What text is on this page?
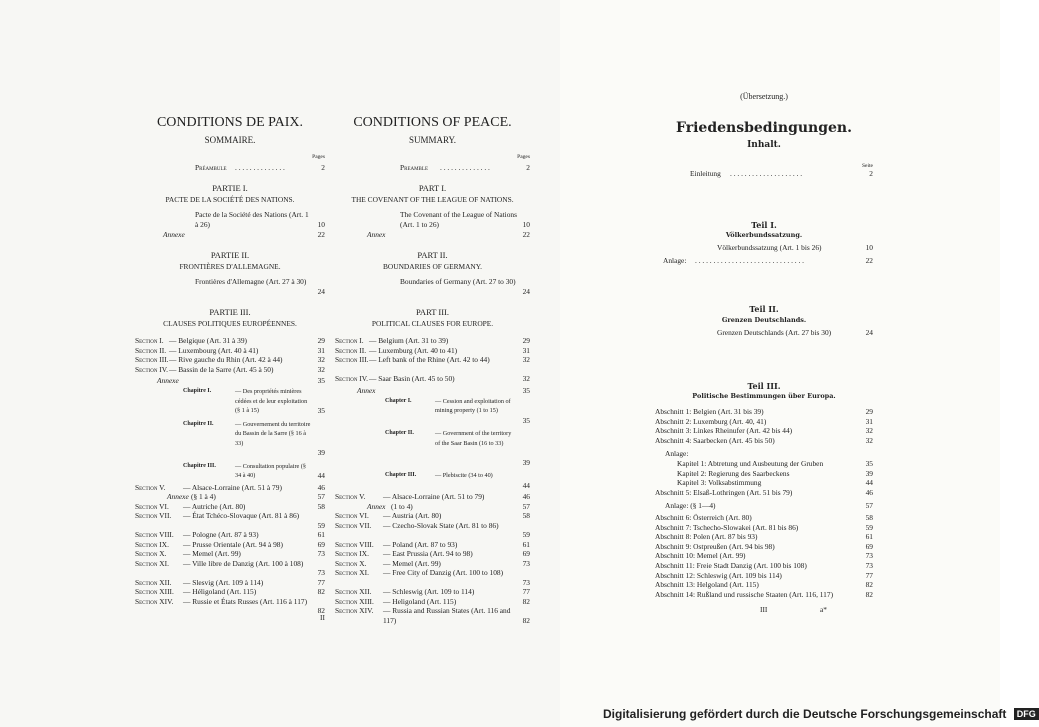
CONDITIONS DE PAIX.
SOMMAIRE.
Pages
Préambule . . . . . . . . . . . . . .	2
PARTIE I.
PACTE DE LA SOCIÉTÉ DES NATIONS.
Pacte de la Société des Nations (Art. 1 à 26)	10
Annexe	22
PARTIE II.
FRONTIÈRES D'ALLEMAGNE.
Frontières d'Allemagne (Art. 27 à 30)
24
PARTIE III.
CLAUSES POLITIQUES EUROPÉENNES.
Section I. — Belgique (Art. 31 à 39)	29
Section II. — Luxembourg (Art. 40 à 41)	31
Section III. — Rive gauche du Rhin (Art. 42 à 44)	32
Section IV. — Bassin de la Sarre (Art. 45 à 50)	32
Annexe	35
Chapitre I.	— Des propriétés minières cédées et de leur exploitation (§ 1 à 15)	35
Chapitre II.	— Gouvernement du territoire du Bassin de la Sarre (§ 16 à 33)
39
Chapitre III.	— Consultation populaire (§ 34 à 40)	44
Section V. — Alsace-Lorraine (Art. 51 à 79)	46
Annexe (§ 1 à 4)	57
Section VI. — Autriche (Art. 80)	58
Section VII. — État Tchéco-Slovaque (Art. 81 à 86)
59
Section VIII. — Pologne (Art. 87 à 93)	61
Section IX. — Prusse Orientale (Art. 94 à 98)	69
Section X. — Memel (Art. 99)	73
Section XI. — Ville libre de Danzig (Art. 100 à 108)
73
Section XII. — Slesvig (Art. 109 à 114)	77
Section XIII. — Héligoland (Art. 115)	82
Section XIV. — Russie et États Russes (Art. 116 à 117)
82
CONDITIONS OF PEACE.
SUMMARY.
Pages
Preamble . . . . . . . . . . . . . .	2
PART I.
THE COVENANT OF THE LEAGUE OF NATIONS.
The Covenant of the League of Nations (Art. 1 to 26)	10
Annex	22
PART II.
BOUNDARIES OF GERMANY.
Boundaries of Germany (Art. 27 to 30)
24
PART III.
POLITICAL CLAUSES FOR EUROPE.
Section I. — Belgium (Art. 31 to 39)	29
Section II. — Luxemburg (Art. 40 to 41)	31
Section III. — Left bank of the Rhine (Art. 42 to 44)	32
Section IV. — Saar Basin (Art. 45 to 50)	32
Annex	35
Chapter I.	— Cession and exploitation of mining property (1 to 15)
35
Chapter II.	— Government of the territory of the Saar Basin (16 to 33)
39
Chapter III.	— Plebiscite (34 to 40)
44
Section V. — Alsace-Lorraine (Art. 51 to 79)	46
Annex (1 to 4)	57
Section VI. — Austria (Art. 80)	58
Section VII. — Czecho-Slovak State (Art. 81 to 86)
59
Section VIII. — Poland (Art. 87 to 93)	61
Section IX. — East Prussia (Art. 94 to 98)	69
Section X. — Memel (Art. 99)	73
Section XI. — Free City of Danzig (Art. 100 to 108)
73
Section XII. — Schleswig (Art. 109 to 114)	77
Section XIII. — Heligoland (Art. 115)	82
Section XIV. — Russia and Russian States (Art. 116 and 117)	82
II
(Übersetzung.)
Friedensbedingungen.
Inhalt.
Seite
Einleitung . . . . . . . . . . . . . . . . . . . .	2
Teil I.
Völkerbundssatzung.
Völkerbundssatzung (Art. 1 bis 26)	10
Anlage: . . . . . . . . . . . . . . . . . . . . . . . . . . . . . .	22
Teil II.
Grenzen Deutschlands.
Grenzen Deutschlands (Art. 27 bis 30)	24
Teil III.
Politische Bestimmungen über Europa.
Abschnitt 1: Belgien (Art. 31 bis 39)	29
Abschnitt 2: Luxemburg (Art. 40, 41)	31
Abschnitt 3: Linkes Rheinufer (Art. 42 bis 44)	32
Abschnitt 4: Saarbecken (Art. 45 bis 50)	32
Anlage:
Kapitel 1: Abtretung und Ausbeutung der Gruben	35
Kapitel 2: Regierung des Saarbeckens	39
Kapitel 3: Volksabstimmung	44
Abschnitt 5: Elsaß-Lothringen (Art. 51 bis 79)	46
Anlage: (§ 1—4)	57
Abschnitt 6: Österreich (Art. 80)	58
Abschnitt 7: Tschecho-Slowakei (Art. 81 bis 86)	59
Abschnitt 8: Polen (Art. 87 bis 93)	61
Abschnitt 9: Ostpreußen (Art. 94 bis 98)	69
Abschnitt 10: Memel (Art. 99)	73
Abschnitt 11: Freie Stadt Danzig (Art. 100 bis 108)	73
Abschnitt 12: Schleswig (Art. 109 bis 114)	77
Abschnitt 13: Helgoland (Art. 115)	82
Abschnitt 14: Rußland und russische Staaten (Art. 116, 117)	82
III	a*
Digitalisierung gefördert durch die Deutsche Forschungsgemeinschaft DFG
